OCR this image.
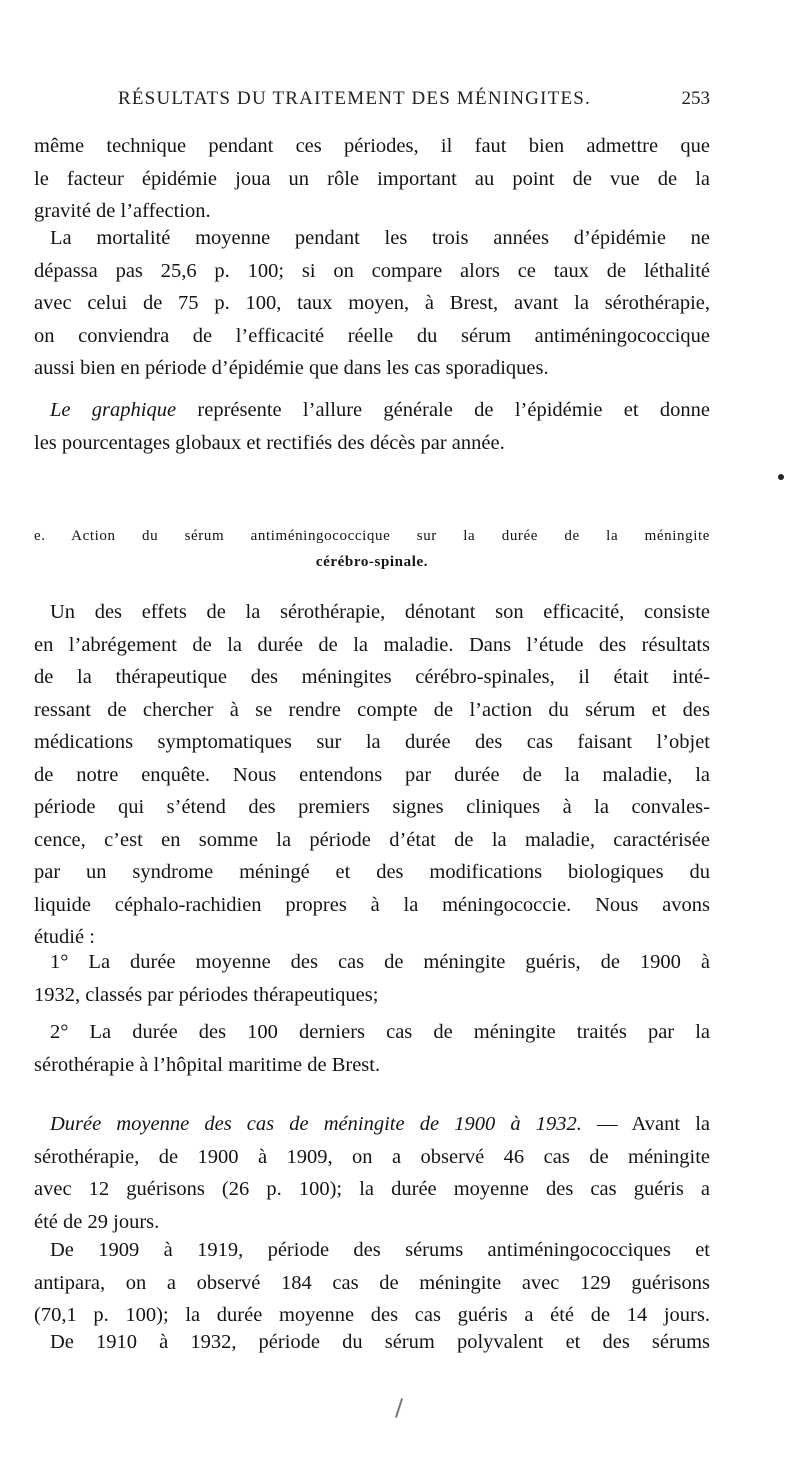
RÉSULTATS DU TRAITEMENT DES MÉNINGITES.	253
même technique pendant ces périodes, il faut bien admettre que
le facteur épidémie joua un rôle important au point de vue de la
gravité de l’affection.
La mortalité moyenne pendant les trois années d’épidémie ne
dépassa pas 25,6 p. 100; si on compare alors ce taux de léthalité
avec celui de 75 p. 100, taux moyen, à Brest, avant la sérothérapie,
on conviendra de l’efficacité réelle du sérum antiméningococcique
aussi bien en période d’épidémie que dans les cas sporadiques.
Le graphique représente l’allure générale de l’épidémie et donne
les pourcentages globaux et rectifiés des décès par année.
e. Action du sérum antiméningococcique sur la durée de la méningite
cérébro-spinale.
Un des effets de la sérothérapie, dénotant son efficacité, consiste
en l’abrégement de la durée de la maladie. Dans l’étude des résultats
de la thérapeutique des méningites cérébro-spinales, il était inté-
ressant de chercher à se rendre compte de l’action du sérum et des
médications symptomatiques sur la durée des cas faisant l’objet
de notre enquête. Nous entendons par durée de la maladie, la
période qui s’étend des premiers signes cliniques à la convales-
cence, c’est en somme la période d’état de la maladie, caractérisée
par un syndrome méningé et des modifications biologiques du
liquide céphalo-rachidien propres à la méningococcie. Nous avons
étudié :
1° La durée moyenne des cas de méningite guéris, de 1900 à
1932, classés par périodes thérapeutiques;
2° La durée des 100 derniers cas de méningite traités par la
sérothérapie à l’hôpital maritime de Brest.
Durée moyenne des cas de méningite de 1900 à 1932. — Avant la
sérothérapie, de 1900 à 1909, on a observé 46 cas de méningite
avec 12 guérisons (26 p. 100); la durée moyenne des cas guéris a
été de 29 jours.
De 1909 à 1919, période des sérums antiméningococciques et
antipara, on a observé 184 cas de méningite avec 129 guérisons
(70,1 p. 100); la durée moyenne des cas guéris a été de 14 jours.
De 1910 à 1932, période du sérum polyvalent et des sérums
